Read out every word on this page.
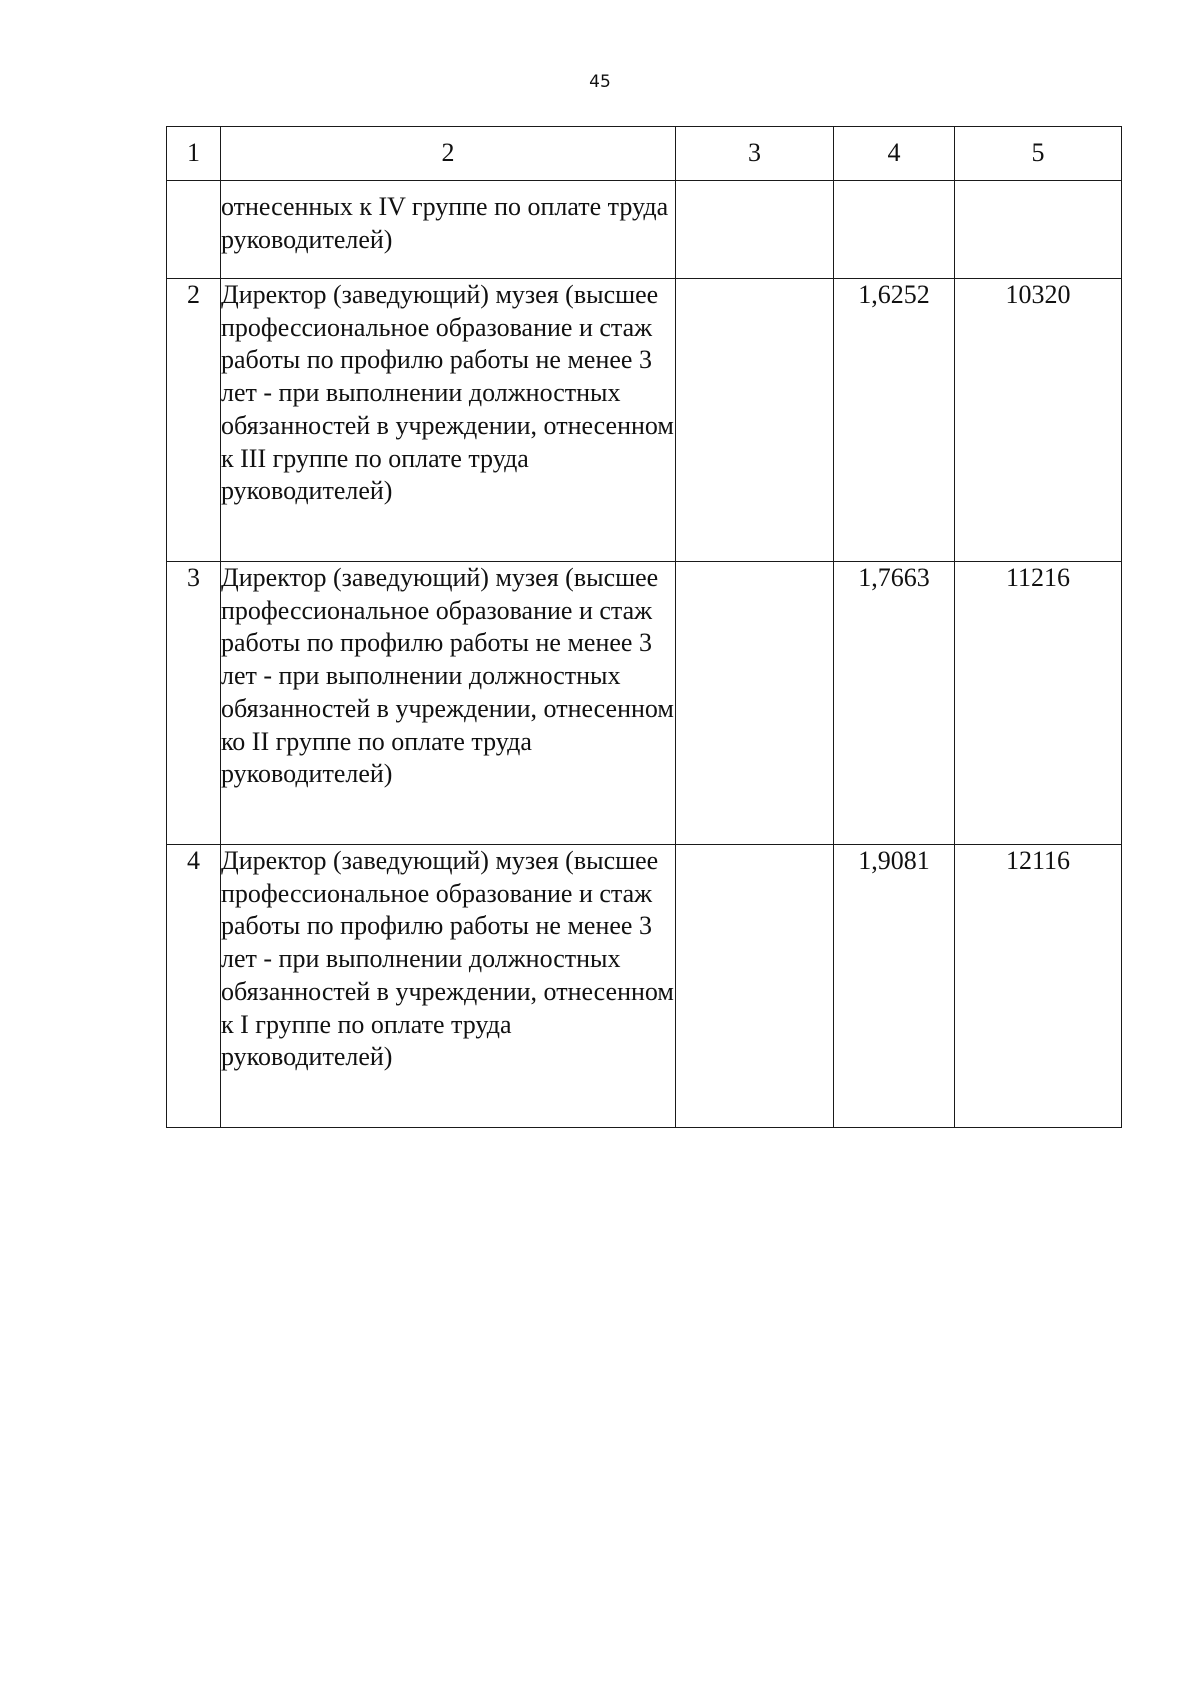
45
1	2	3	4	5
	отнесенных к IV группе по оплате труда руководителей)			
2	Директор (заведующий) музея (высшее профессиональное образование и стаж работы по профилю работы не менее 3 лет - при выполнении должностных обязанностей в учреждении, отнесенном к III группе по оплате труда руководителей)		1,6252	10320
3	Директор (заведующий) музея (высшее профессиональное образование и стаж работы по профилю работы не менее 3 лет - при выполнении должностных обязанностей в учреждении, отнесенном ко II группе по оплате труда руководителей)		1,7663	11216
4	Директор (заведующий) музея (высшее профессиональное образование и стаж работы по профилю работы не менее 3 лет - при выполнении должностных обязанностей в учреждении, отнесенном к I группе по оплате труда руководителей)		1,9081	12116
